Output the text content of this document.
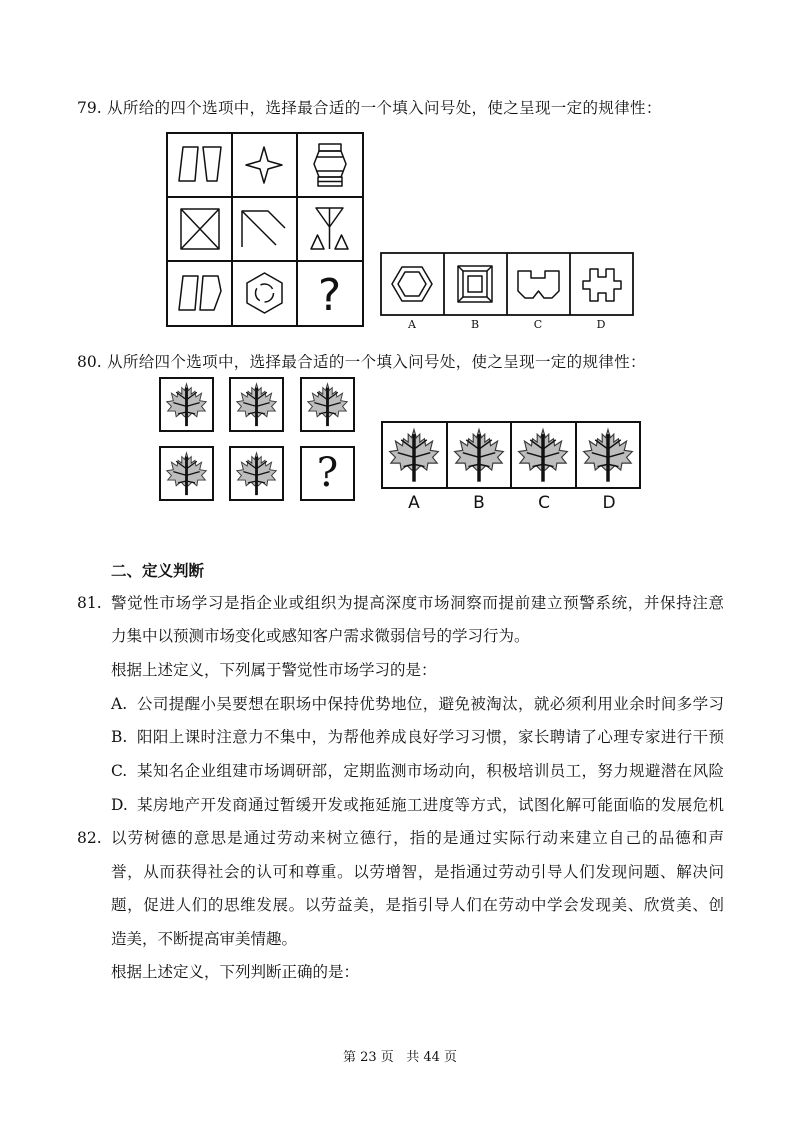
79. 从所给的四个选项中，选择最合适的一个填入问号处，使之呈现一定的规律性：
?
A	B	C	D
80. 从所给四个选项中，选择最合适的一个填入问号处，使之呈现一定的规律性：
?
A	B	C	D
二、定义判断
81. 警觉性市场学习是指企业或组织为提高深度市场洞察而提前建立预警系统，并保持注意
力集中以预测市场变化或感知客户需求微弱信号的学习行为。
根据上述定义，下列属于警觉性市场学习的是：
A. 公司提醒小吴要想在职场中保持优势地位，避免被淘汰，就必须利用业余时间多学习
B. 阳阳上课时注意力不集中，为帮他养成良好学习习惯，家长聘请了心理专家进行干预
C. 某知名企业组建市场调研部，定期监测市场动向，积极培训员工，努力规避潜在风险
D. 某房地产开发商通过暂缓开发或拖延施工进度等方式，试图化解可能面临的发展危机
82. 以劳树德的意思是通过劳动来树立德行，指的是通过实际行动来建立自己的品德和声
誉，从而获得社会的认可和尊重。以劳增智，是指通过劳动引导人们发现问题、解决问
题，促进人们的思维发展。以劳益美，是指引导人们在劳动中学会发现美、欣赏美、创
造美，不断提高审美情趣。
根据上述定义，下列判断正确的是：
第 23 页   共 44 页
